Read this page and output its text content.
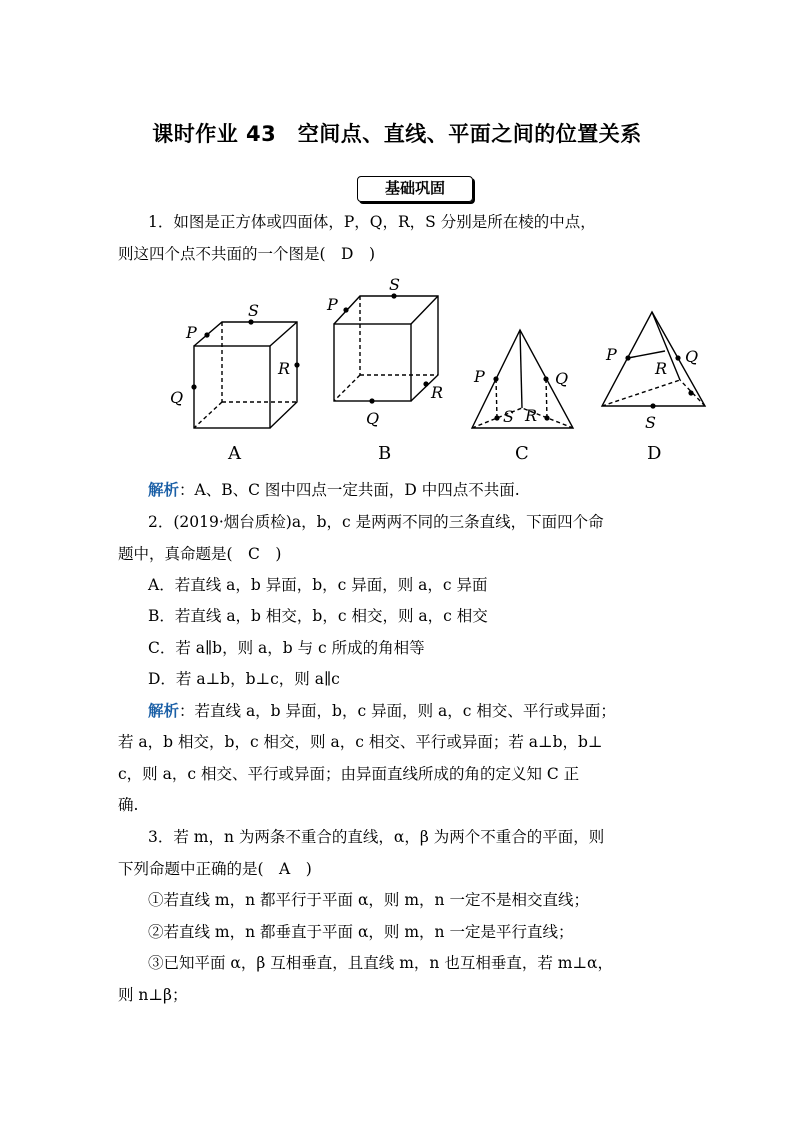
课时作业 43　空间点、直线、平面之间的位置关系
基础巩固
1．如图是正方体或四面体，P，Q，R，S 分别是所在棱的中点，
则这四个点不共面的一个图是(　D　)
P
S
R
Q
P
S
R
Q
P	Q
S R
P	Q
R
S
A	B	C	D
解析：A、B、C 图中四点一定共面，D 中四点不共面.
2．(2019·烟台质检)a，b，c 是两两不同的三条直线，下面四个命
题中，真命题是(　C　)
A．若直线 a，b 异面，b，c 异面，则 a，c 异面
B．若直线 a，b 相交，b，c 相交，则 a，c 相交
C．若 a∥b，则 a，b 与 c 所成的角相等
D．若 a⊥b，b⊥c，则 a∥c
解析：若直线 a，b 异面，b，c 异面，则 a，c 相交、平行或异面；
若 a，b 相交，b，c 相交，则 a，c 相交、平行或异面；若 a⊥b，b⊥
c，则 a，c 相交、平行或异面；由异面直线所成的角的定义知 C 正
确.
3．若 m，n 为两条不重合的直线，α，β 为两个不重合的平面，则
下列命题中正确的是(　A　)
①若直线 m，n 都平行于平面 α，则 m，n 一定不是相交直线；
②若直线 m，n 都垂直于平面 α，则 m，n 一定是平行直线；
③已知平面 α，β 互相垂直，且直线 m，n 也互相垂直，若 m⊥α，
则 n⊥β；
